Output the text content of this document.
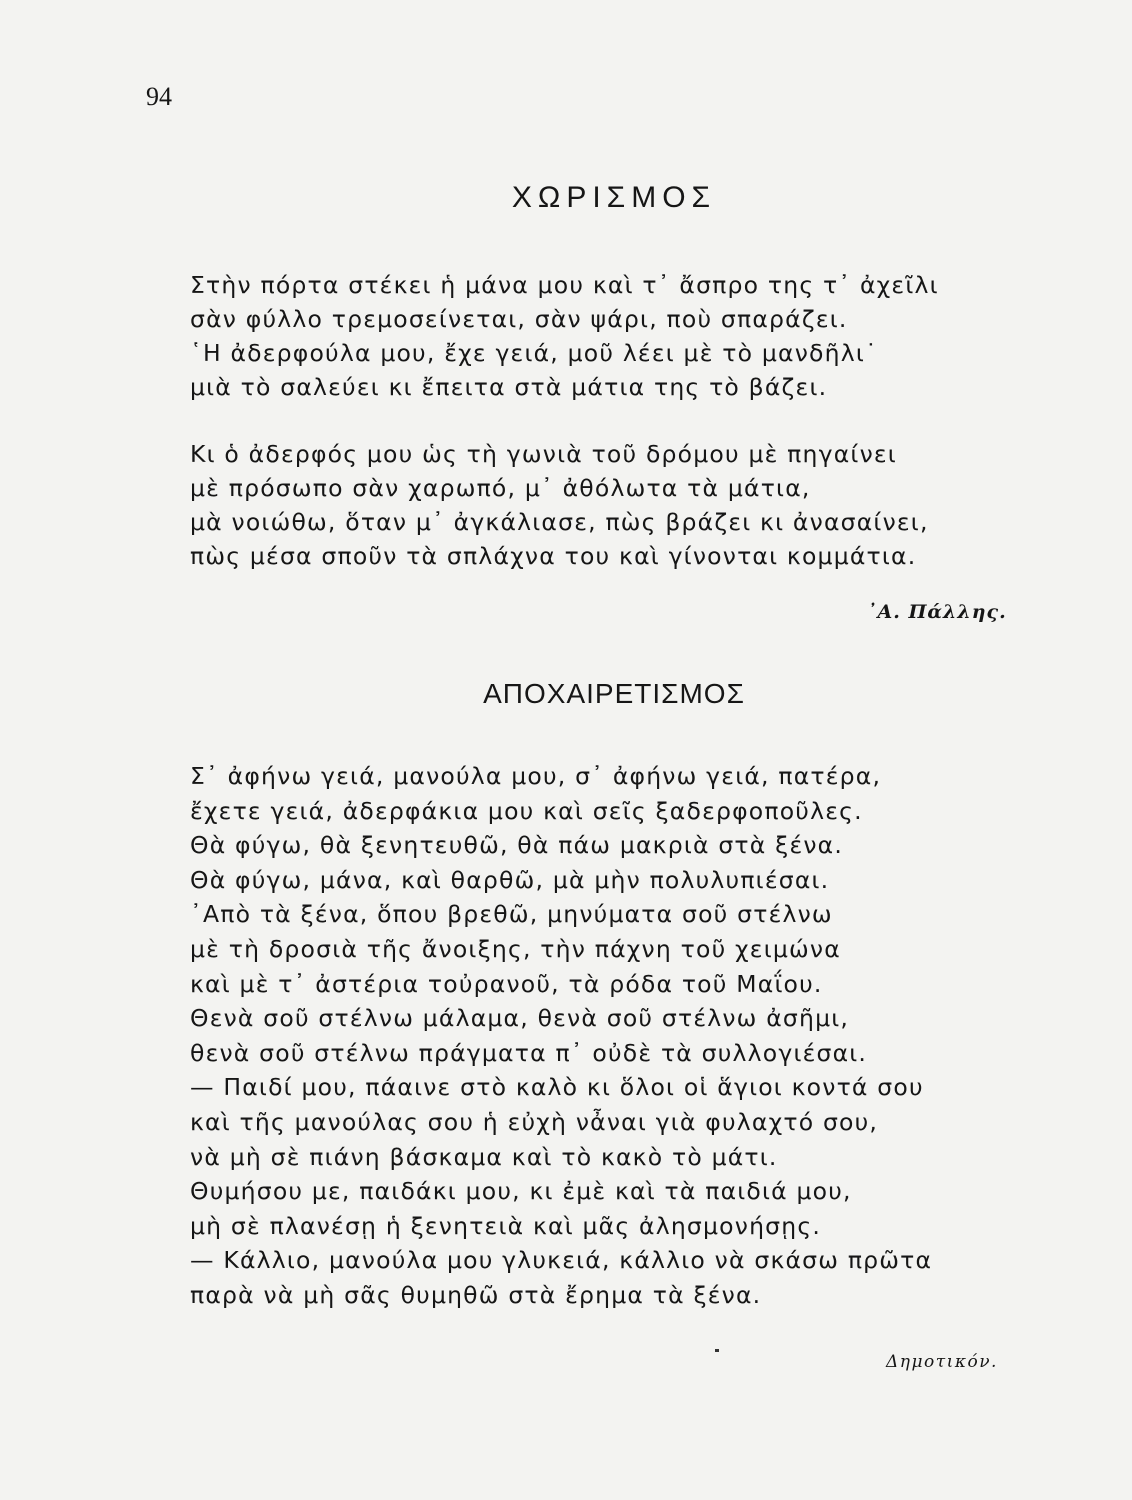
94
ΧΩΡΙΣΜΟΣ
Στὴν πόρτα στέκει ἡ μάνα μου καὶ τ᾿ ἄσπρο της τ᾿ ἀχεῖλι
σὰν φύλλο τρεμοσείνεται, σὰν ψάρι, ποὺ σπαράζει.
῾Η ἀδερφούλα μου, ἔχε γειά, μοῦ λέει μὲ τὸ μανδῆλι˙
μιὰ τὸ σαλεύει κι ἔπειτα στὰ μάτια της τὸ βάζει.
Κι ὁ ἀδερφός μου ὡς τὴ γωνιὰ τοῦ δρόμου μὲ πηγαίνει
μὲ πρόσωπο σὰν χαρωπό, μ᾿ ἀθόλωτα τὰ μάτια,
μὰ νοιώθω, ὅταν μ᾿ ἀγκάλιασε, πὼς βράζει κι ἀνασαίνει,
πὼς μέσα σποῦν τὰ σπλάχνα του καὶ γίνονται κομμάτια.
᾿Α. Πάλλης.
ΑΠΟΧΑΙΡΕΤΙΣΜΟΣ
Σ᾿ ἀφήνω γειά, μανούλα μου, σ᾿ ἀφήνω γειά, πατέρα,
ἔχετε γειά, ἀδερφάκια μου καὶ σεῖς ξαδερφοποῦλες.
Θὰ φύγω, θὰ ξενητευθῶ, θὰ πάω μακριὰ στὰ ξένα.
Θὰ φύγω, μάνα, καὶ θαρθῶ, μὰ μὴν πολυλυπιέσαι.
᾿Απὸ τὰ ξένα, ὅπου βρεθῶ, μηνύματα σοῦ στέλνω
μὲ τὴ δροσιὰ τῆς ἄνοιξης, τὴν πάχνη τοῦ χειμώνα
καὶ μὲ τ᾿ ἀστέρια τοὐρανοῦ, τὰ ρόδα τοῦ Μαΐου.
Θενὰ σοῦ στέλνω μάλαμα, θενὰ σοῦ στέλνω ἀσῆμι,
θενὰ σοῦ στέλνω πράγματα π᾿ οὐδὲ τὰ συλλογιέσαι.
— Παιδί μου, πάαινε στὸ καλὸ κι ὅλοι οἱ ἅγιοι κοντά σου
καὶ τῆς μανούλας σου ἡ εὐχὴ νἆναι γιὰ φυλαχτό σου,
νὰ μὴ σὲ πιάνη βάσκαμα καὶ τὸ κακὸ τὸ μάτι.
Θυμήσου με, παιδάκι μου, κι ἐμὲ καὶ τὰ παιδιά μου,
μὴ σὲ πλανέσῃ ἡ ξενητειὰ καὶ μᾶς ἀλησμονήσῃς.
— Κάλλιο, μανούλα μου γλυκειά, κάλλιο νὰ σκάσω πρῶτα
παρὰ νὰ μὴ σᾶς θυμηθῶ στὰ ἔρημα τὰ ξένα.
Δημοτικόν.
